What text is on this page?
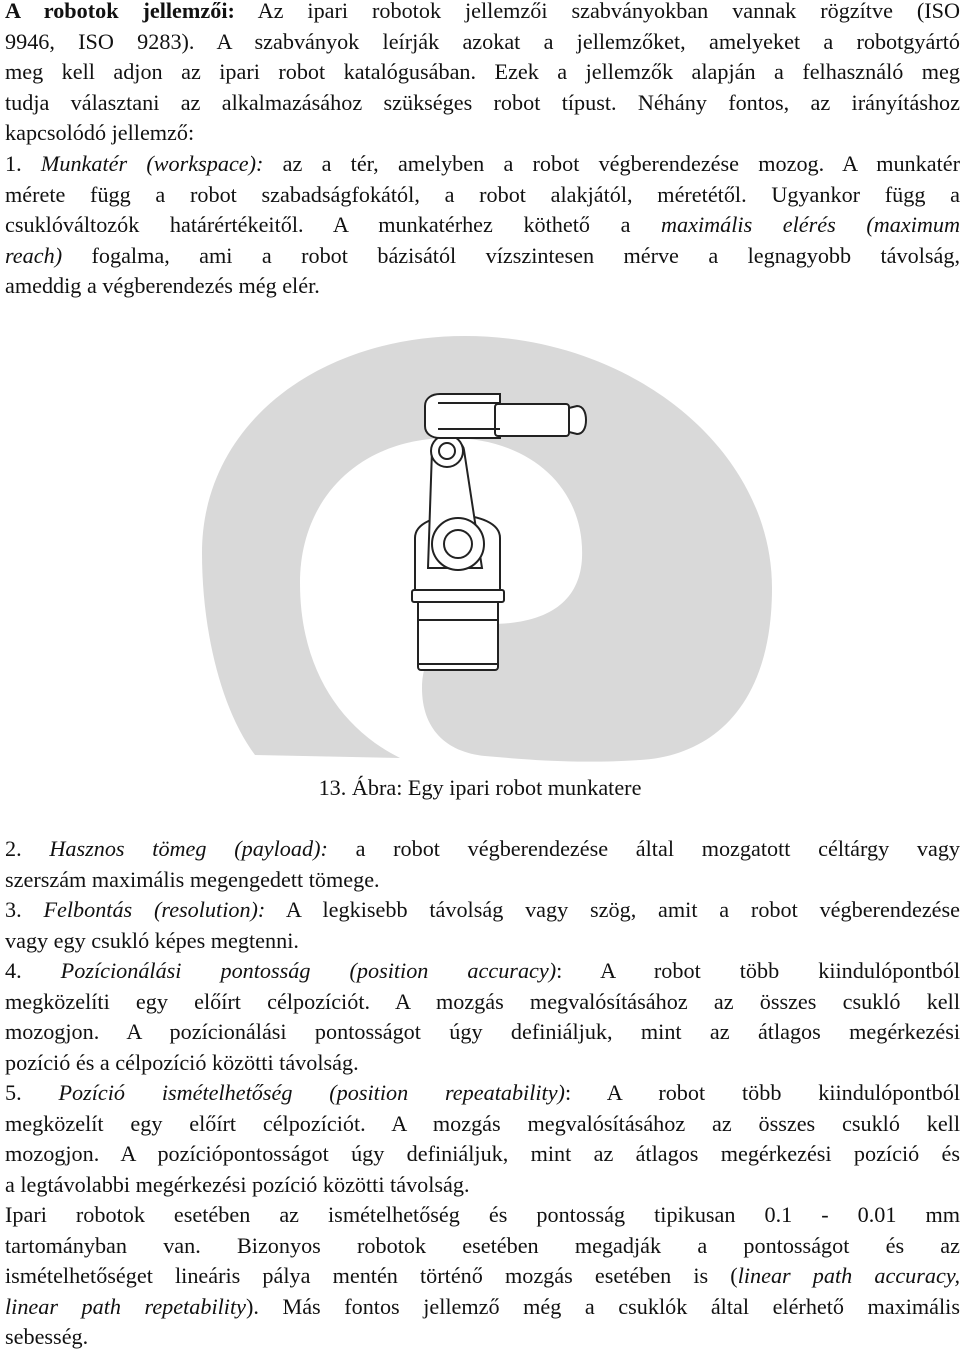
A robotok jellemzői: Az ipari robotok jellemzői szabványokban vannak rögzítve (ISO
9946, ISO 9283). A szabványok leírják azokat a jellemzőket, amelyeket a robotgyártó
meg kell adjon az ipari robot katalógusában. Ezek a jellemzők alapján a felhasználó meg
tudja választani az alkalmazásához szükséges robot típust. Néhány fontos, az irányításhoz
kapcsolódó jellemző:
1. Munkatér (workspace): az a tér, amelyben a robot végberendezése mozog. A munkatér
mérete függ a robot szabadságfokától, a robot alakjától, méretétől. Ugyankor függ a
csuklóváltozók határértékeitől. A munkatérhez köthető a maximális elérés (maximum
reach) fogalma, ami a robot bázisától vízszintesen mérve a legnagyobb távolság,
ameddig a végberendezés még elér.
13. Ábra: Egy ipari robot munkatere
2. Hasznos tömeg (payload): a robot végberendezése által mozgatott céltárgy vagy
szerszám maximális megengedett tömege.
3. Felbontás (resolution): A legkisebb távolság vagy szög, amit a robot végberendezése
vagy egy csukló képes megtenni.
4. Pozícionálási pontosság (position accuracy): A robot több kiindulópontból
megközelíti egy előírt célpozíciót. A mozgás megvalósításához az összes csukló kell
mozogjon. A pozícionálási pontosságot úgy definiáljuk, mint az átlagos megérkezési
pozíció és a célpozíció közötti távolság.
5. Pozíció ismételhetőség (position repeatability): A robot több kiindulópontból
megközelít egy előírt célpozíciót. A mozgás megvalósításához az összes csukló kell
mozogjon. A pozíciópontosságot úgy definiáljuk, mint az átlagos megérkezési pozíció és
a legtávolabbi megérkezési pozíció közötti távolság.
Ipari robotok esetében az ismételhetőség és pontosság tipikusan 0.1 - 0.01 mm
tartományban van. Bizonyos robotok esetében megadják a pontosságot és az
ismételhetőséget lineáris pálya mentén történő mozgás esetében is (linear path accuracy,
linear path repetability). Más fontos jellemző még a csuklók által elérhető maximális
sebesség.
